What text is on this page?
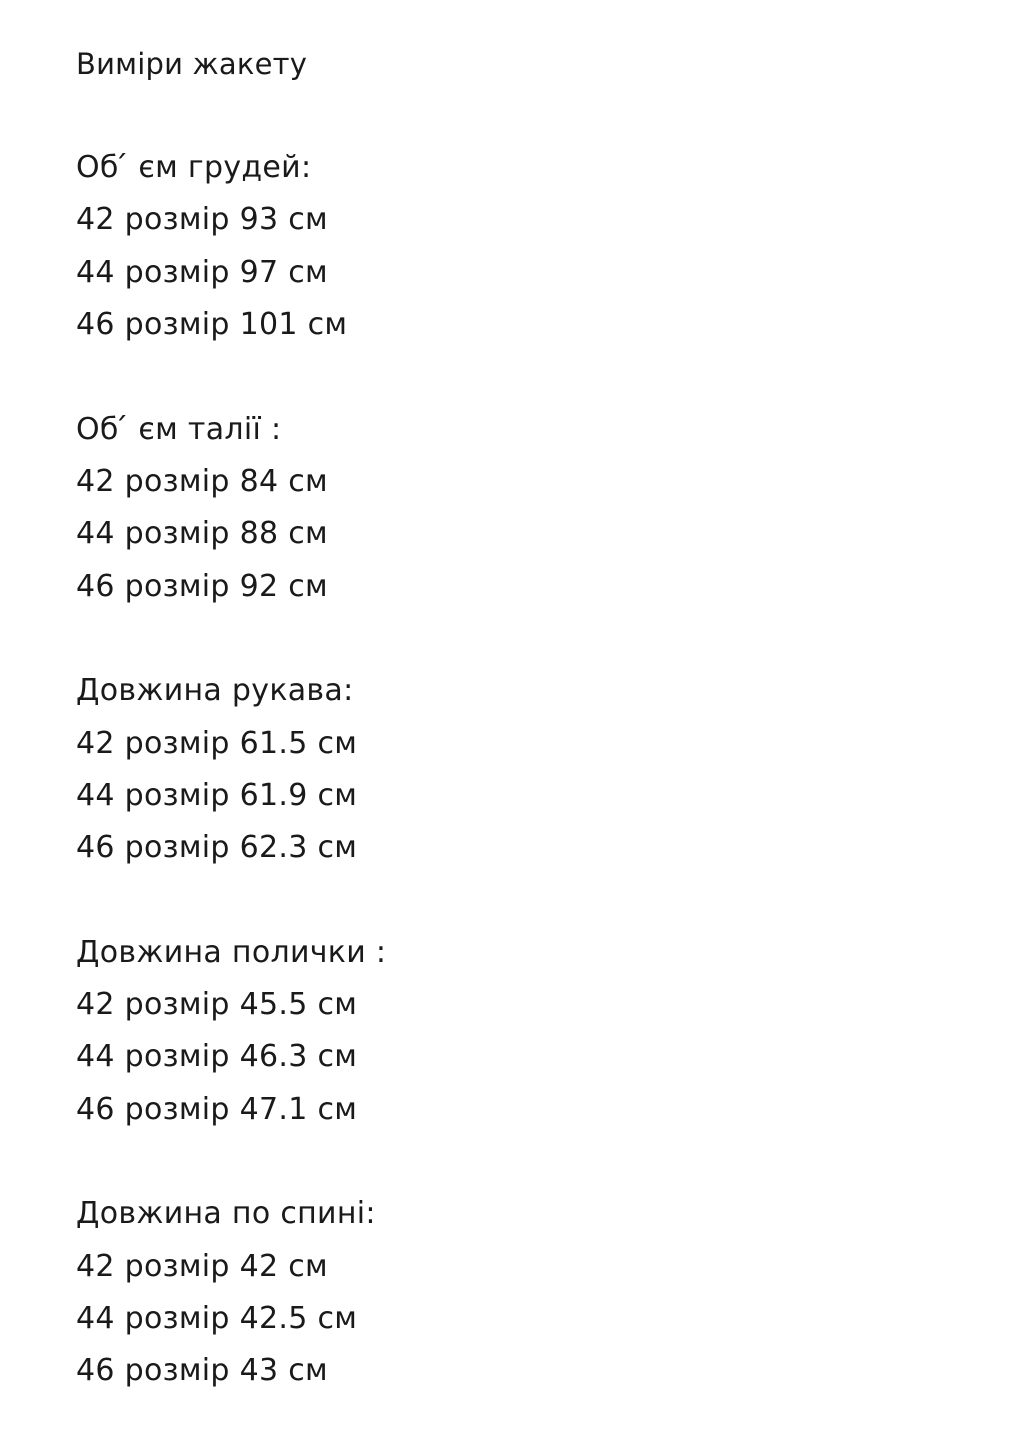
Виміри жакету

Об ́ єм грудей:

42 розмір 93 см

44 розмір 97 см

46 розмір 101 см

Об ́ єм талії :

42 розмір 84 см

44 розмір 88 см

46 розмір 92 см

Довжина рукава:

42 розмір 61.5 см

44 розмір 61.9 см

46 розмір 62.3 см

Довжина полички :

42 розмір 45.5 см

44 розмір 46.3 см

46 розмір 47.1 см

Довжина по спині:

42 розмір 42 см

44 розмір 42.5 см

46 розмір 43 см
